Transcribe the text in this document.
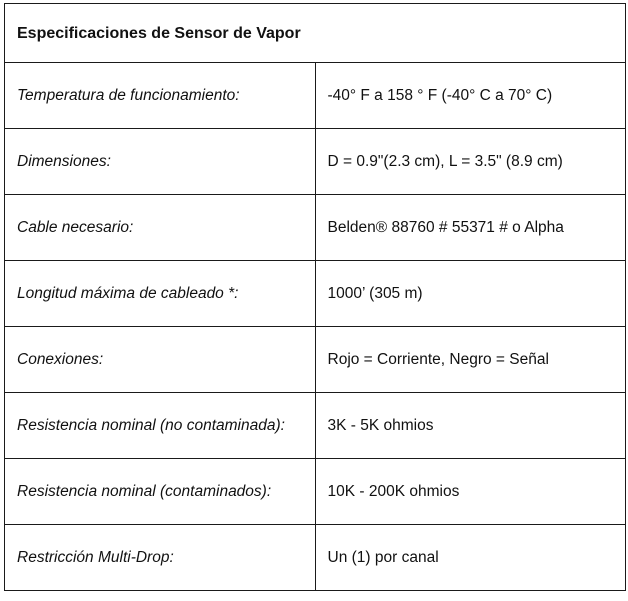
Especificaciones de Sensor de Vapor	
Temperatura de funcionamiento:	-40° F a 158 ° F (-40° C a 70° C)
Dimensiones:	D = 0.9"(2.3 cm), L = 3.5" (8.9 cm)
Cable necesario:	Belden® 88760 # 55371 # o Alpha
Longitud máxima de cableado *:	1000’ (305 m)
Conexiones:	Rojo = Corriente, Negro = Señal
Resistencia nominal (no contaminada):	3K - 5K ohmios
Resistencia nominal (contaminados):	10K - 200K ohmios
Restricción Multi-Drop:	Un (1) por canal
